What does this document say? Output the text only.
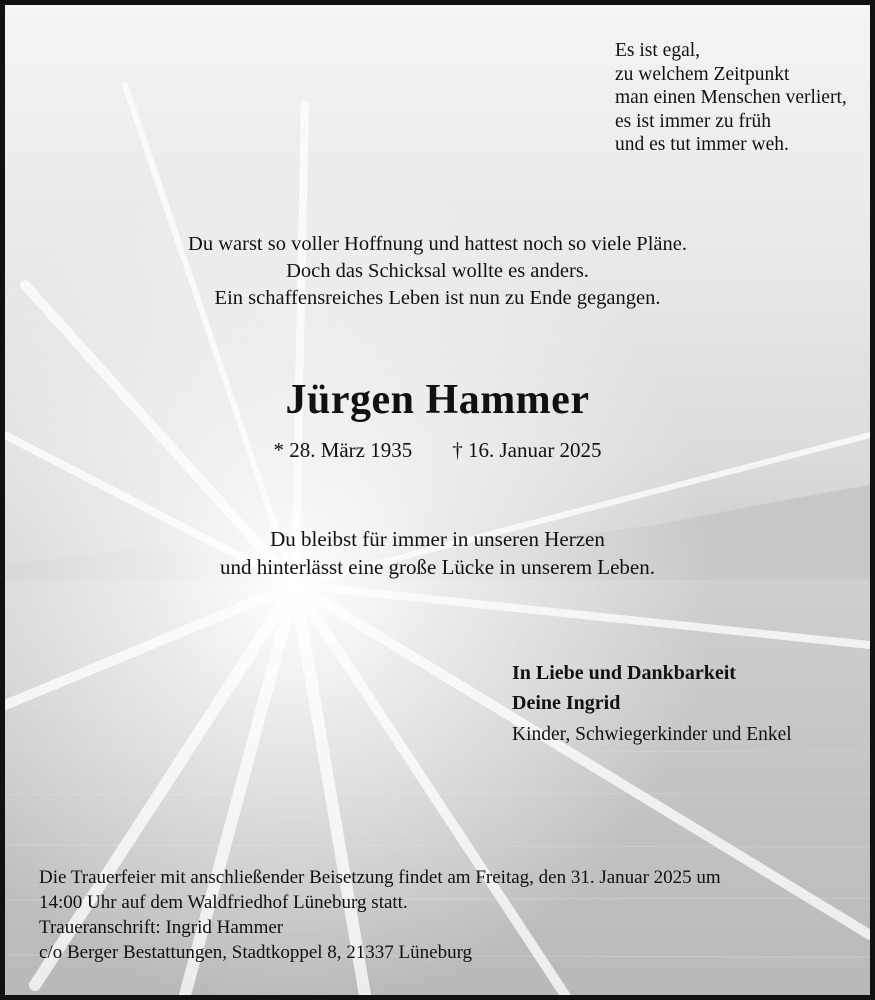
Es ist egal,
zu welchem Zeitpunkt
man einen Menschen verliert,
es ist immer zu früh
und es tut immer weh.
Du warst so voller Hoffnung und hattest noch so viele Pläne.
Doch das Schicksal wollte es anders.
Ein schaffensreiches Leben ist nun zu Ende gegangen.
Jürgen Hammer
* 28. März 1935 † 16. Januar 2025
Du bleibst für immer in unseren Herzen
und hinterlässt eine große Lücke in unserem Leben.
In Liebe und Dankbarkeit
Deine Ingrid
Kinder, Schwiegerkinder und Enkel
Die Trauerfeier mit anschließender Beisetzung findet am Freitag, den 31. Januar 2025 um
14:00 Uhr auf dem Waldfriedhof Lüneburg statt.
Traueranschrift: Ingrid Hammer
c/o Berger Bestattungen, Stadtkoppel 8, 21337 Lüneburg
